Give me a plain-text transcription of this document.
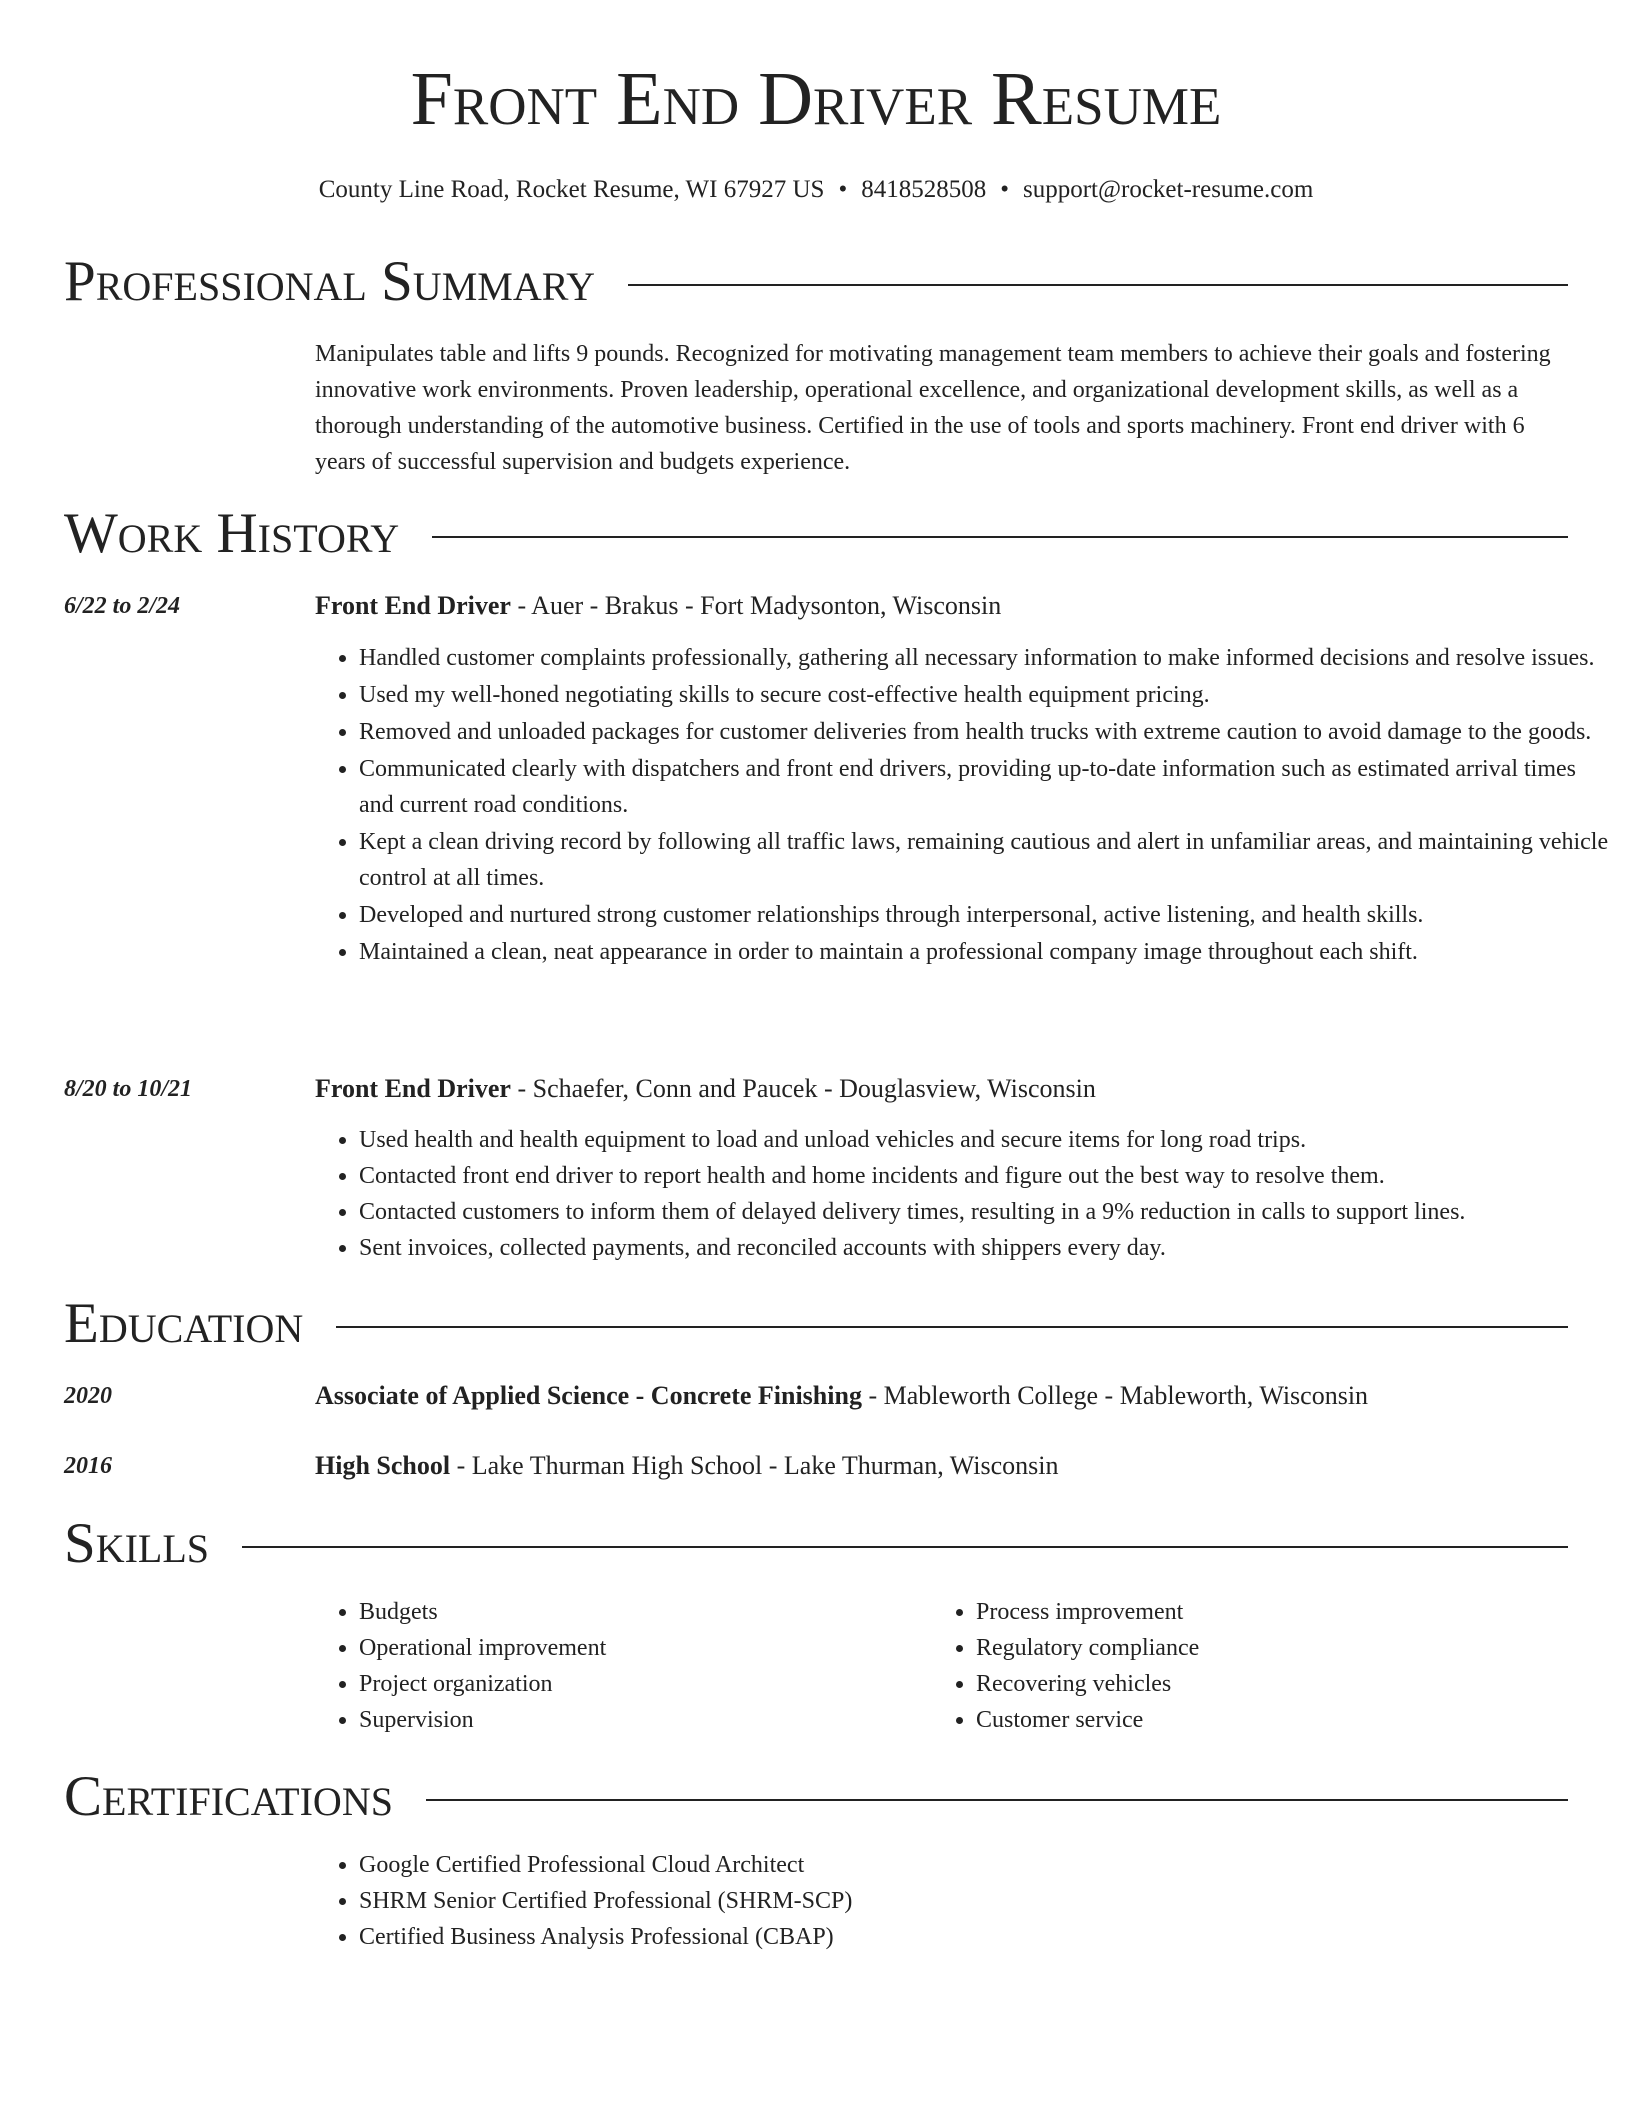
Front End Driver Resume
County Line Road, Rocket Resume, WI 67927 US • 8418528508 • support@rocket-resume.com
Professional Summary

Manipulates table and lifts 9 pounds. Recognized for motivating management team members to achieve their goals and fostering innovative work environments. Proven leadership, operational excellence, and organizational development skills, as well as a thorough understanding of the automotive business. Certified in the use of tools and sports machinery. Front end driver with 6 years of successful supervision and budgets experience.

Work History
6/22 to 2/24	Front End Driver - Auer - Brakus - Fort Madysonton, Wisconsin
• Handled customer complaints professionally, gathering all necessary information to make informed decisions and resolve issues.
• Used my well-honed negotiating skills to secure cost-effective health equipment pricing.
• Removed and unloaded packages for customer deliveries from health trucks with extreme caution to avoid damage to the goods.
• Communicated clearly with dispatchers and front end drivers, providing up-to-date information such as estimated arrival times and current road conditions.
• Kept a clean driving record by following all traffic laws, remaining cautious and alert in unfamiliar areas, and maintaining vehicle control at all times.
• Developed and nurtured strong customer relationships through interpersonal, active listening, and health skills.
• Maintained a clean, neat appearance in order to maintain a professional company image throughout each shift.
8/20 to 10/21	Front End Driver - Schaefer, Conn and Paucek - Douglasview, Wisconsin
• Used health and health equipment to load and unload vehicles and secure items for long road trips.
• Contacted front end driver to report health and home incidents and figure out the best way to resolve them.
• Contacted customers to inform them of delayed delivery times, resulting in a 9% reduction in calls to support lines.
• Sent invoices, collected payments, and reconciled accounts with shippers every day.
Education
2020	Associate of Applied Science - Concrete Finishing - Mableworth College - Mableworth, Wisconsin
2016	High School - Lake Thurman High School - Lake Thurman, Wisconsin
Skills
• Budgets
• Operational improvement
• Project organization
• Supervision
• Process improvement
• Regulatory compliance
• Recovering vehicles
• Customer service
Certifications
• Google Certified Professional Cloud Architect
• SHRM Senior Certified Professional (SHRM-SCP)
• Certified Business Analysis Professional (CBAP)
